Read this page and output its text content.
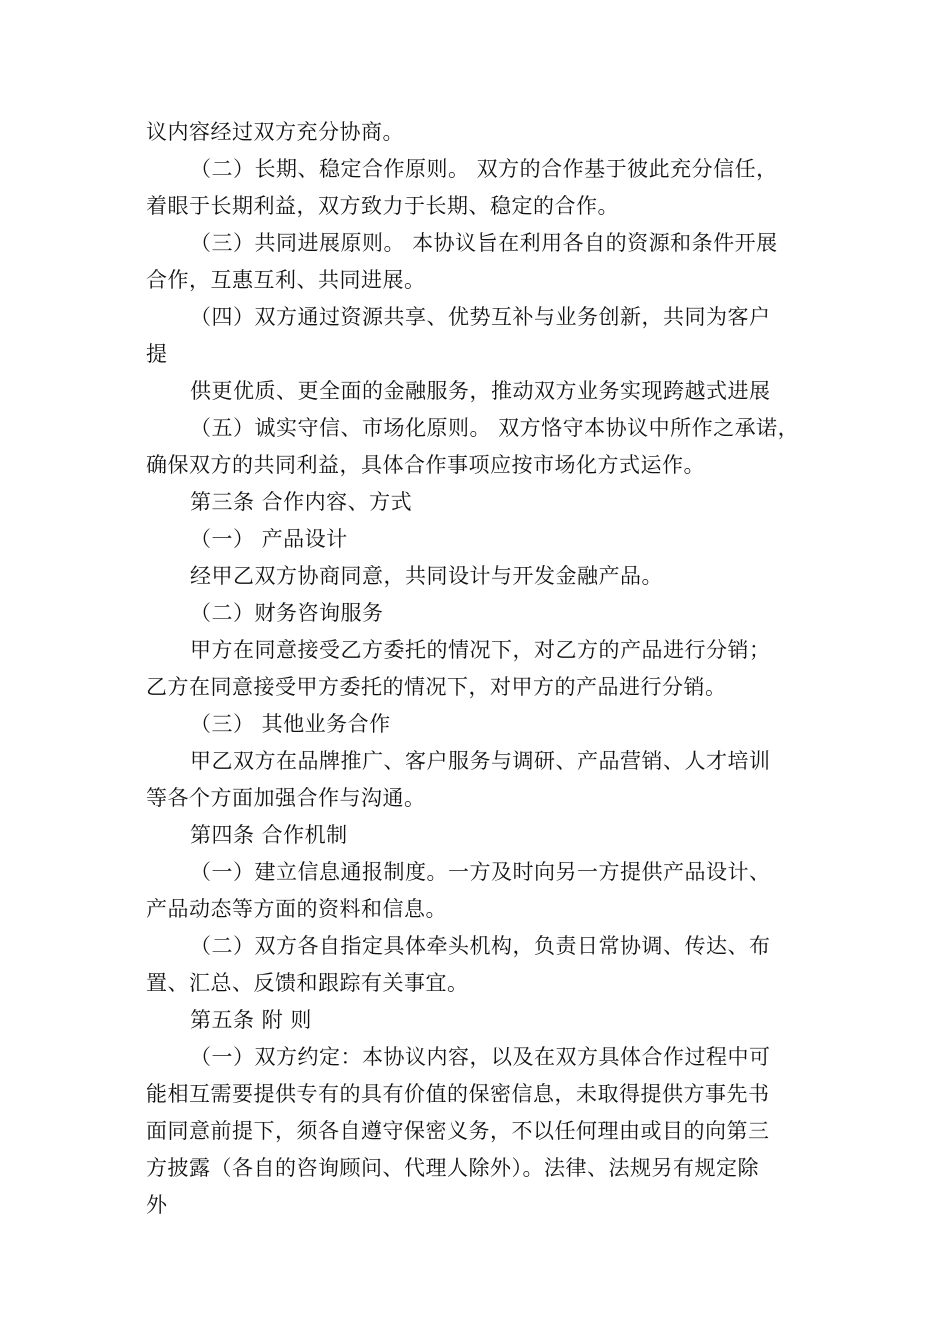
议内容经过双方充分协商。
（二）长期、稳定合作原则。 双方的合作基于彼此充分信任，
着眼于长期利益，双方致力于长期、稳定的合作。
（三）共同进展原则。 本协议旨在利用各自的资源和条件开展
合作，互惠互利、共同进展。
（四）双方通过资源共享、优势互补与业务创新，共同为客户
提
供更优质、更全面的金融服务，推动双方业务实现跨越式进展
（五）诚实守信、市场化原则。 双方恪守本协议中所作之承诺，
确保双方的共同利益，具体合作事项应按市场化方式运作。
第三条 合作内容、方式
（一） 产品设计
经甲乙双方协商同意，共同设计与开发金融产品。
（二）财务咨询服务
甲方在同意接受乙方委托的情况下，对乙方的产品进行分销；
乙方在同意接受甲方委托的情况下，对甲方的产品进行分销。
（三） 其他业务合作
甲乙双方在品牌推广、客户服务与调研、产品营销、人才培训
等各个方面加强合作与沟通。
第四条 合作机制
（一）建立信息通报制度。一方及时向另一方提供产品设计、
产品动态等方面的资料和信息。
（二）双方各自指定具体牵头机构，负责日常协调、传达、布
置、汇总、反馈和跟踪有关事宜。
第五条 附 则
（一）双方约定：本协议内容，以及在双方具体合作过程中可
能相互需要提供专有的具有价值的保密信息，未取得提供方事先书
面同意前提下，须各自遵守保密义务，不以任何理由或目的向第三
方披露（各自的咨询顾问、代理人除外）。法律、法规另有规定除
外
